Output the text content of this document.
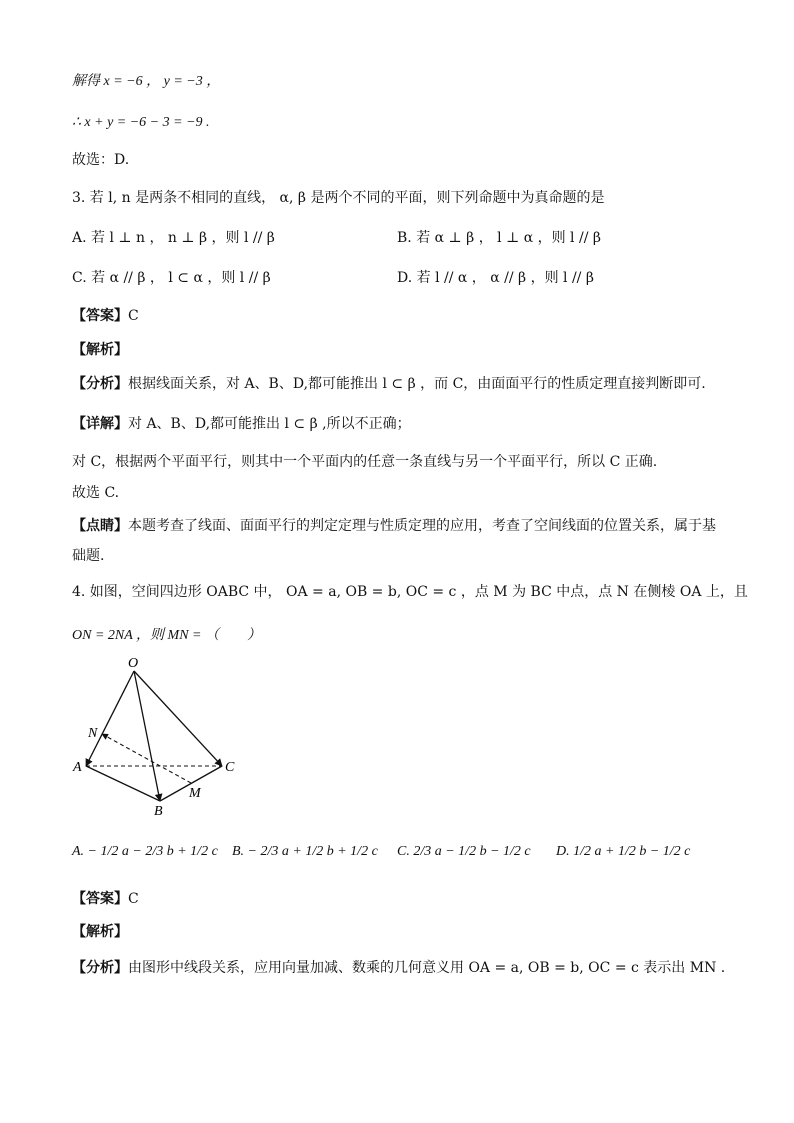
解得 x = −6 ， y = −3 ，
∴ x + y = −6 − 3 = −9 .
故选：D.
3. 若 l, n 是两条不相同的直线， α, β 是两个不同的平面，则下列命题中为真命题的是
A. 若 l ⊥ n ， n ⊥ β ，则 l // β	B. 若 α ⊥ β ， l ⊥ α ，则 l // β
C. 若 α // β ， l ⊂ α ，则 l // β	D. 若 l // α ， α // β ，则 l // β
【答案】C
【解析】
【分析】根据线面关系，对 A、B、D,都可能推出 l ⊂ β ，而 C，由面面平行的性质定理直接判断即可.
【详解】对 A、B、D,都可能推出 l ⊂ β ,所以不正确；
对 C，根据两个平面平行，则其中一个平面内的任意一条直线与另一个平面平行，所以 C 正确.
故选 C.
【点睛】本题考查了线面、面面平行的判定定理与性质定理的应用，考查了空间线面的位置关系，属于基
础题.
4. 如图，空间四边形 OABC 中， OA = a, OB = b, OC = c ，点 M 为 BC 中点，点 N 在侧棱 OA 上，且
ON = 2NA ，则 MN = （　　）
O
N
A
B
C
M
A. − 1/2 a − 2/3 b + 1/2 c B. − 2/3 a + 1/2 b + 1/2 c C. 2/3 a − 1/2 b − 1/2 c D. 1/2 a + 1/2 b − 1/2 c
【答案】C
【解析】
【分析】由图形中线段关系，应用向量加减、数乘的几何意义用 OA = a, OB = b, OC = c 表示出 MN .
